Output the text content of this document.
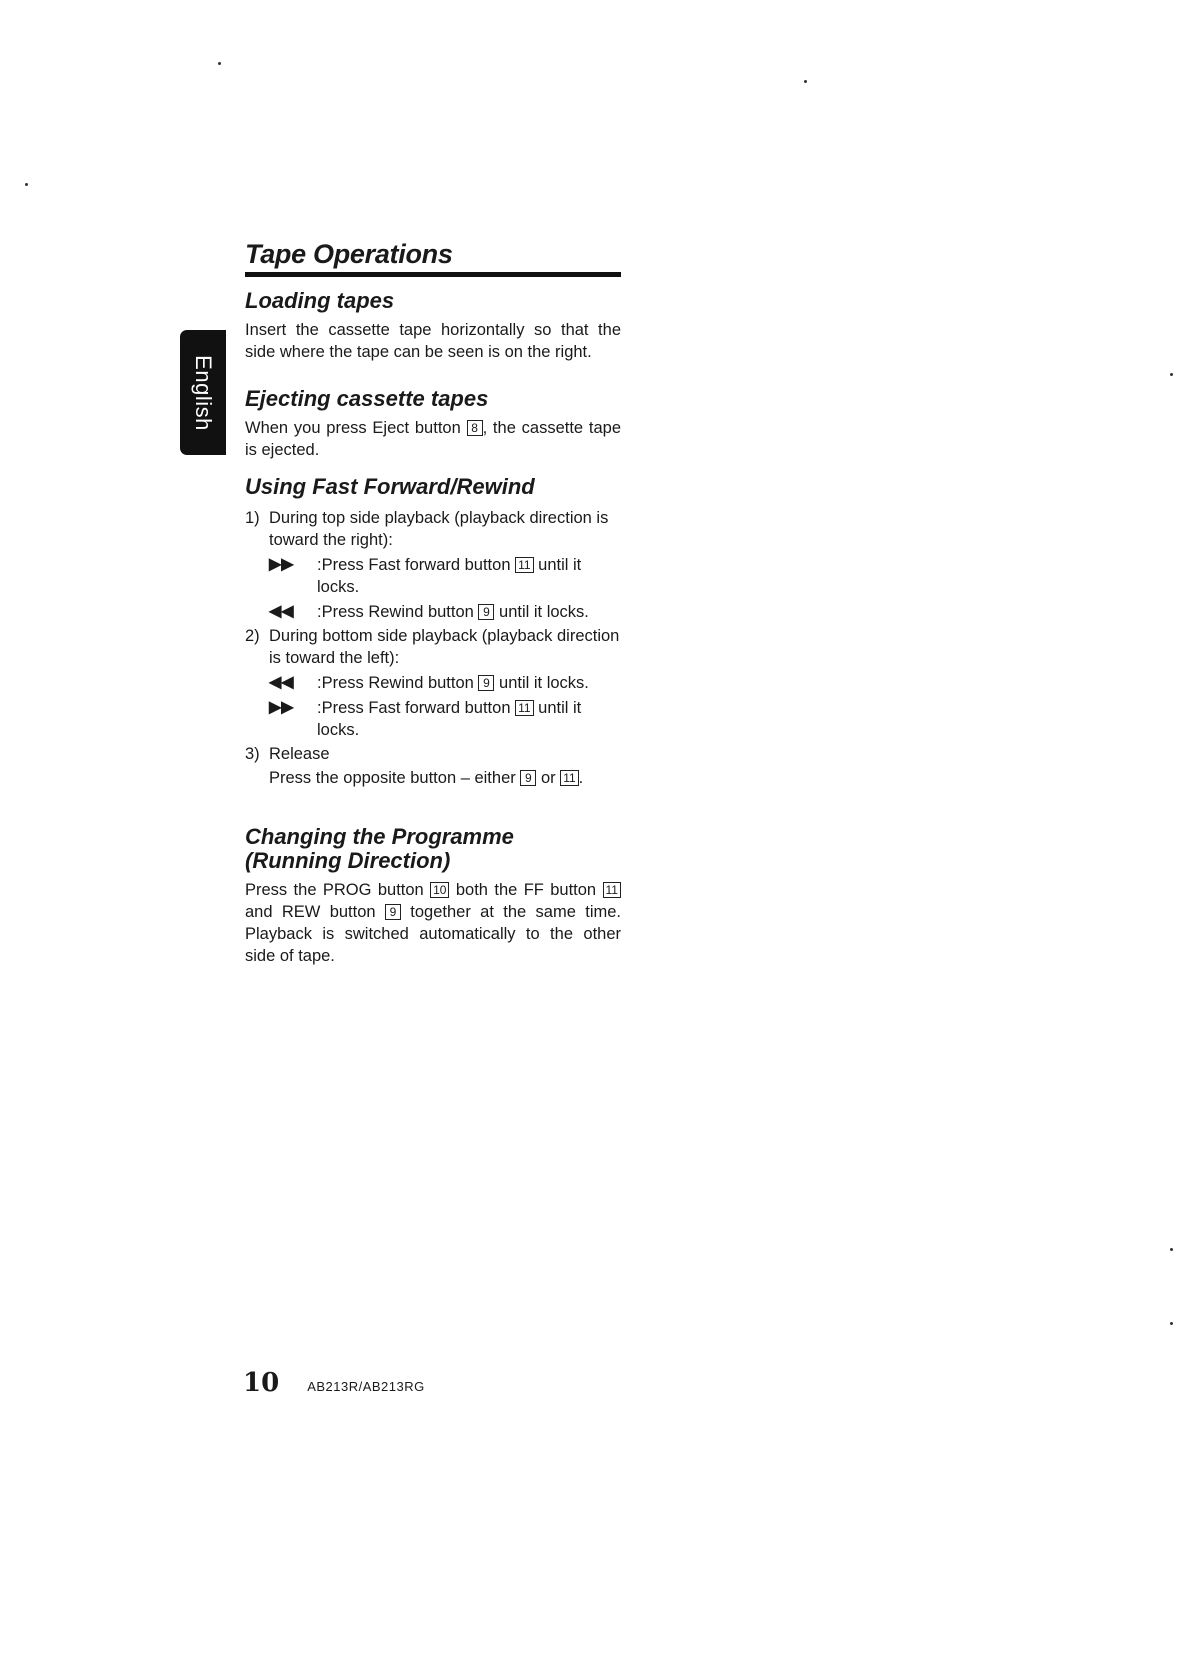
English
Tape Operations
Loading tapes
Insert the cassette tape horizontally so that the side where the tape can be seen is on the right.
Ejecting cassette tapes
When you press Eject button 8 , the cassette tape is ejected.
Using Fast Forward/Rewind
1) During top side playback (playback direction is toward the right):
▶▶	:Press Fast forward button 11 until it locks.
◀◀	:Press Rewind button 9 until it locks.
2) During bottom side playback (playback direction is toward the left):
◀◀	:Press Rewind button 9 until it locks.
▶▶	:Press Fast forward button 11 until it locks.
3) Release
Press the opposite button – either 9 or 11 .
Changing the Programme
(Running Direction)
Press the PROG button 10 both the FF button 11 and REW button 9 together at the same time. Playback is switched automatically to the other side of tape.
10 AB213R/AB213RG
